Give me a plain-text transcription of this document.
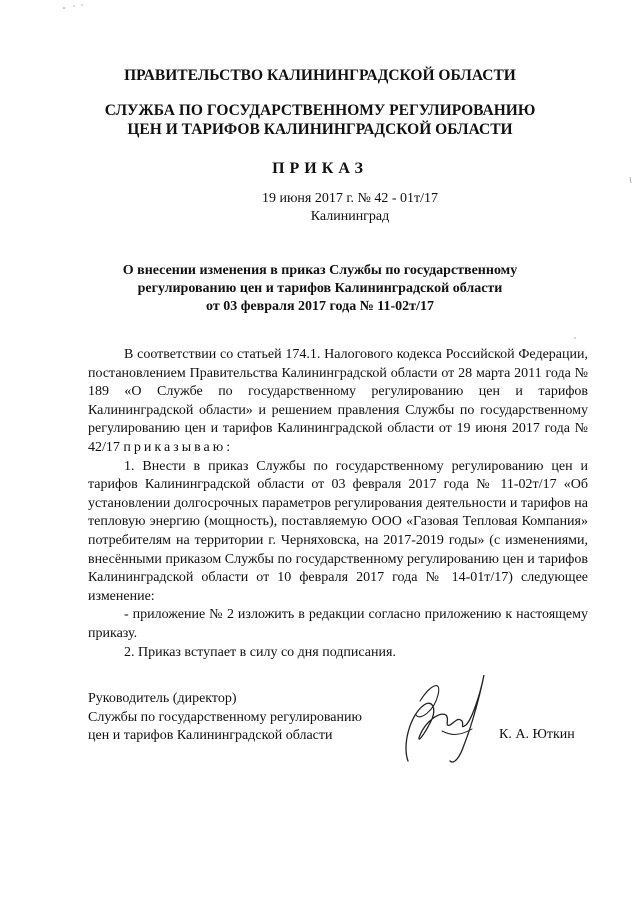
ПРАВИТЕЛЬСТВО КАЛИНИНГРАДСКОЙ ОБЛАСТИ
СЛУЖБА ПО ГОСУДАРСТВЕННОМУ РЕГУЛИРОВАНИЮ
ЦЕН И ТАРИФОВ КАЛИНИНГРАДСКОЙ ОБЛАСТИ
ПРИКАЗ
19 июня 2017 г. № 42 - 01т/17
Калининград
О внесении изменения в приказ Службы по государственному
регулированию цен и тарифов Калининградской области
от 03 февраля 2017 года № 11-02т/17

В соответствии со статьей 174.1. Налогового кодекса Российской Федерации, постановлением Правительства Калининградской области от 28 марта 2011 года № 189 «О Службе по государственному регулированию цен и тарифов Калининградской области» и решением правления Службы по государственному регулированию цен и тарифов Калининградской области от 19 июня 2017 года № 42/17 приказываю:

1. Внести в приказ Службы по государственному регулированию цен и тарифов Калининградской области от 03 февраля 2017 года № 11-02т/17 «Об установлении долгосрочных параметров регулирования деятельности и тарифов на тепловую энергию (мощность), поставляемую ООО «Газовая Тепловая Компания» потребителям на территории г. Черняховска, на 2017-2019 годы» (с изменениями, внесёнными приказом Службы по государственному регулированию цен и тарифов Калининградской области от 10 февраля 2017 года № 14-01т/17) следующее изменение:

- приложение № 2 изложить в редакции согласно приложению к настоящему приказу.

2. Приказ вступает в силу со дня подписания.

Руководитель (директор)
Службы по государственному регулированию
цен и тарифов Калининградской области	К. А. Юткин
